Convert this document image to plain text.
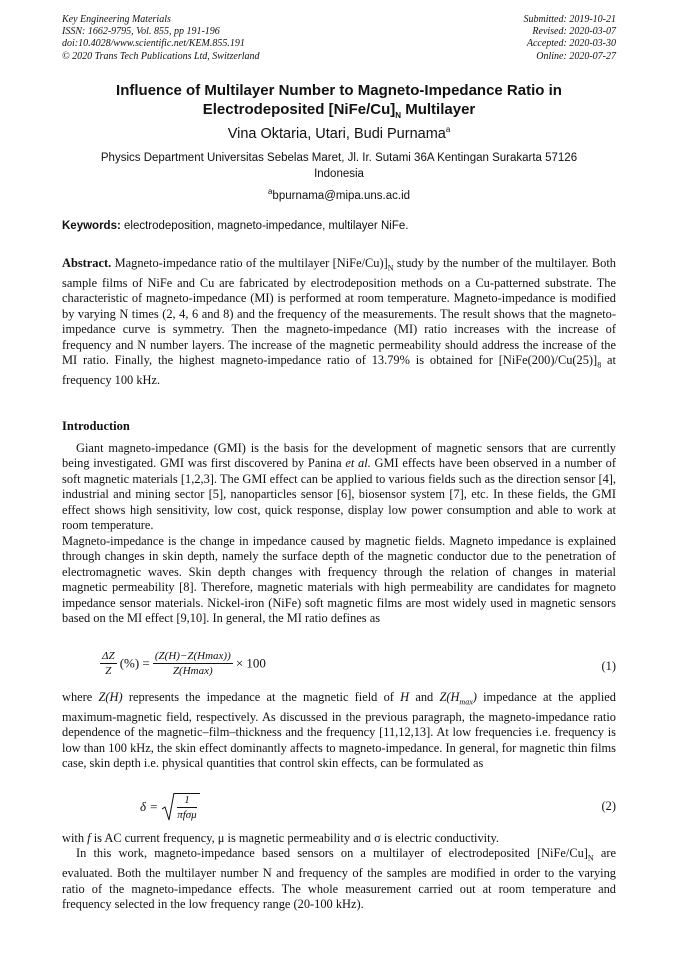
Key Engineering Materials
ISSN: 1662-9795, Vol. 855, pp 191-196
doi:10.4028/www.scientific.net/KEM.855.191
© 2020 Trans Tech Publications Ltd, Switzerland
Submitted: 2019-10-21
Revised: 2020-03-07
Accepted: 2020-03-30
Online: 2020-07-27
Influence of Multilayer Number to Magneto-Impedance Ratio in
Electrodeposited $[NiFe/Cu]_N$ Multilayer
Vina Oktaria, Utari, Budi Purnama$^a$
Physics Department Universitas Sebelas Maret, Jl. Ir. Sutami 36A Kentingan Surakarta 57126
Indonesia
$^a$bpurnama@mipa.uns.ac.id
Keywords: electrodeposition, magneto-impedance, multilayer NiFe.

Abstract. Magneto-impedance ratio of the multilayer $[NiFe/Cu)]_N$ study by the number of the multilayer. Both sample films of NiFe and Cu are fabricated by electrodeposition methods on a Cu-patterned substrate. The characteristic of magneto-impedance (MI) is performed at room temperature. Magneto-impedance is modified by varying N times (2, 4, 6 and 8) and the frequency of the measurements. The result shows that the magneto-impedance curve is symmetry. Then the magneto-impedance (MI) ratio increases with the increase of frequency and N number layers. The increase of the magnetic permeability should address the increase of the MI ratio. Finally, the highest magneto-impedance ratio of 13.79% is obtained for $[NiFe(200)/Cu(25)]_8$ at frequency 100 kHz.

Introduction

Giant magneto-impedance (GMI) is the basis for the development of magnetic sensors that are currently being investigated. GMI was first discovered by Panina et al. GMI effects have been observed in a number of soft magnetic materials [1,2,3]. The GMI effect can be applied to various fields such as the direction sensor [4], industrial and mining sector [5], nanoparticles sensor [6], biosensor system [7], etc. In these fields, the GMI effect shows high sensitivity, low cost, quick response, display low power consumption and able to work at room temperature.

Magneto-impedance is the change in impedance caused by magnetic fields. Magneto impedance is explained through changes in skin depth, namely the surface depth of the magnetic conductor due to the penetration of electromagnetic waves. Skin depth changes with frequency through the relation of changes in material magnetic permeability [8]. Therefore, magnetic materials with high permeability are candidates for magneto impedance sensor materials. Nickel-iron (NiFe) soft magnetic films are most widely used in magnetic sensors based on the MI effect [9,10]. In general, the MI ratio defines as

$\frac{\Delta Z}{Z}$ (%) = $\frac{(Z(H)-Z(Hmax))}{Z(Hmax)} \times 100$	(1)

where Z(H) represents the impedance at the magnetic field of H and $Z(H_{max})$ impedance at the applied maximum-magnetic field, respectively. As discussed in the previous paragraph, the magneto-impedance ratio dependence of the magnetic–film–thickness and the frequency [11,12,13]. At low frequencies i.e. frequency is low than 100 kHz, the skin effect dominantly affects to magneto-impedance. In general, for magnetic thin films case, skin depth i.e. physical quantities that control skin effects, can be formulated as

$\delta = \frac{1}{\text{πfσμ}}$	(2)

with f is AC current frequency, μ is magnetic permeability and σ is electric conductivity.

In this work, magneto-impedance based sensors on a multilayer of electrodeposited $[NiFe/Cu]_N$ are evaluated. Both the multilayer number N and frequency of the samples are modified in order to the varying ratio of the magneto-impedance effects. The whole measurement carried out at room temperature and frequency selected in the low frequency range (20-100 kHz).
